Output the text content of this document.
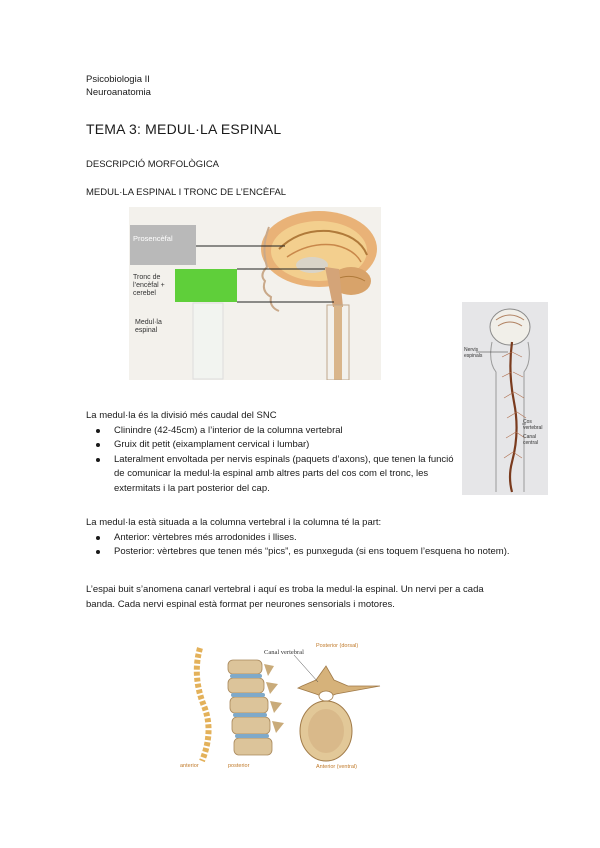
Psicobiologia II
Neuroanatomia
TEMA 3: MEDUL·LA ESPINAL
DESCRIPCIÓ MORFOLÒGICA
MEDUL·LA ESPINAL I TRONC DE L’ENCÈFAL
Prosencèfal
Tronc de l’encèfal + cerebel
Medul·la espinal
Nervis espinals
Cos vertebral
Canal central
La medul·la és la divisió més caudal del SNC
Clinindre (42-45cm) a l’interior de la columna vertebral
Gruix dit petit (eixamplament cervical i lumbar)
Lateralment envoltada per nervis espinals (paquets d’axons), que tenen la funció de comunicar la medul·la espinal amb altres parts del cos com el tronc, les extermitats i la part posterior del cap.
La medul·la està situada a la columna vertebral i la columna té la part:
Anterior: vèrtebres més arrodonides i llises.
Posterior: vèrtebres que tenen més “pics”, es punxeguda (si ens toquem l’esquena ho notem).
L’espai buit s’anomena canarl vertebral i aquí es troba la medul·la espinal. Un nervi per a cada banda. Cada nervi espinal està format per neurones sensorials i motores.
Canal vertebral
Posterior (dorsal)
Anterior (ventral)
anterior	posterior
